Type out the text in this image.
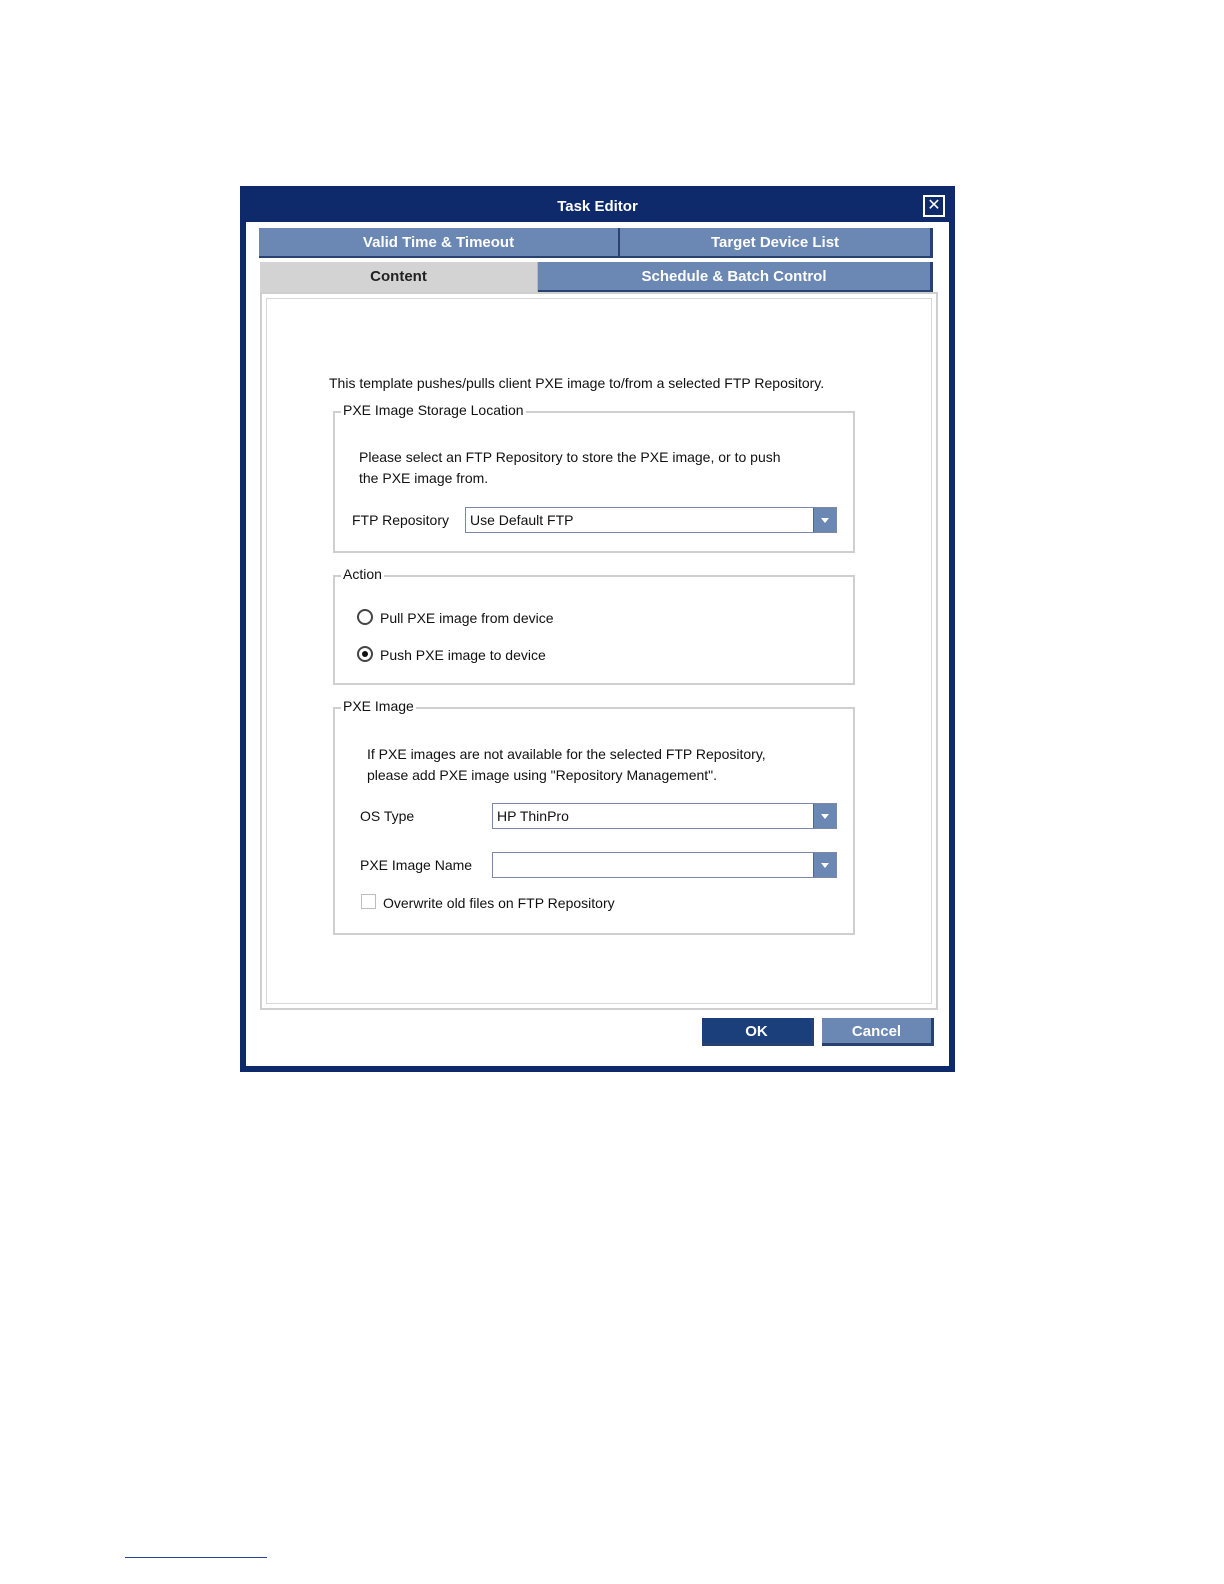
Task Editor	✕
Valid Time & Timeout	Target Device List
Content	Schedule & Batch Control
This template pushes/pulls client PXE image to/from a selected FTP Repository.
PXE Image Storage Location
Please select an FTP Repository to store the PXE image, or to push
the PXE image from.
FTP Repository	Use Default FTP
Action
Pull PXE image from device
Push PXE image to device
PXE Image
If PXE images are not available for the selected FTP Repository,
please add PXE image using "Repository Management".
OS Type	HP ThinPro
PXE Image Name
Overwrite old files on FTP Repository
OK	Cancel
